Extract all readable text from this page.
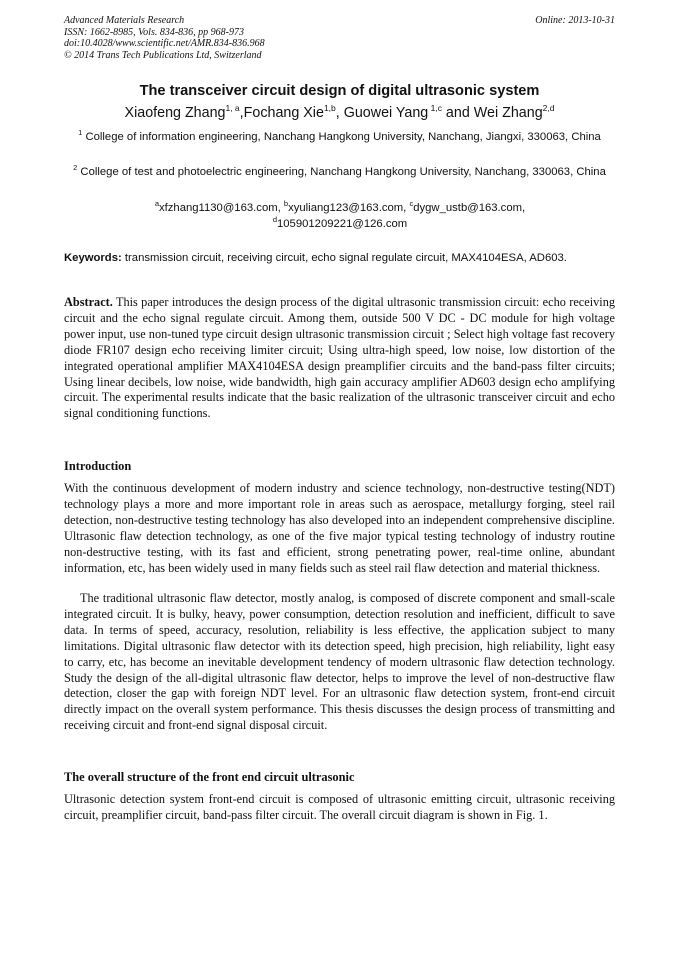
Advanced Materials Research
ISSN: 1662-8985, Vols. 834-836, pp 968-973
doi:10.4028/www.scientific.net/AMR.834-836.968
© 2014 Trans Tech Publications Ltd, Switzerland
Online: 2013-10-31
The transceiver circuit design of digital ultrasonic system
Xiaofeng Zhang$^{1, a}$,Fochang Xie$^{1,b}$, Guowei Yang $^{1,c}$ and Wei Zhang$^{2,d}$
$^1$ College of information engineering, Nanchang Hangkong University, Nanchang, Jiangxi, 330063, China
$^2$ College of test and photoelectric engineering, Nanchang Hangkong University, Nanchang, 330063, China
$^a$xfzhang1130@163.com, $^b$xyuliang123@163.com, $^c$dygw_ustb@163.com,
$^d$105901209221@126.com
Keywords: transmission circuit, receiving circuit, echo signal regulate circuit, MAX4104ESA, AD603.
Abstract. This paper introduces the design process of the digital ultrasonic transmission circuit: echo receiving circuit and the echo signal regulate circuit. Among them, outside 500 V DC - DC module for high voltage power input, use non-tuned type circuit design ultrasonic transmission circuit ; Select high voltage fast recovery diode FR107 design echo receiving limiter circuit; Using ultra-high speed, low noise, low distortion of the integrated operational amplifier MAX4104ESA design preamplifier circuits and the band-pass filter circuits; Using linear decibels, low noise, wide bandwidth, high gain accuracy amplifier AD603 design echo amplifying circuit. The experimental results indicate that the basic realization of the ultrasonic transceiver circuit and echo signal conditioning functions.
Introduction
With the continuous development of modern industry and science technology, non-destructive testing(NDT) technology plays a more and more important role in areas such as aerospace, metallurgy forging, steel rail detection, non-destructive testing technology has also developed into an independent comprehensive discipline. Ultrasonic flaw detection technology, as one of the five major typical testing technology of industry routine non-destructive testing, with its fast and efficient, strong penetrating power, real-time online, abundant information, etc, has been widely used in many fields such as steel rail flaw detection and material thickness.
The traditional ultrasonic flaw detector, mostly analog, is composed of discrete component and small-scale integrated circuit. It is bulky, heavy, power consumption, detection resolution and inefficient, difficult to save data. In terms of speed, accuracy, resolution, reliability is less effective, the application subject to many limitations. Digital ultrasonic flaw detector with its detection speed, high precision, high reliability, light easy to carry, etc, has become an inevitable development tendency of modern ultrasonic flaw detection technology. Study the design of the all-digital ultrasonic flaw detector, helps to improve the level of non-destructive flaw detection, closer the gap with foreign NDT level. For an ultrasonic flaw detection system, front-end circuit directly impact on the overall system performance. This thesis discusses the design process of transmitting and receiving circuit and front-end signal disposal circuit.
The overall structure of the front end circuit ultrasonic
Ultrasonic detection system front-end circuit is composed of ultrasonic emitting circuit, ultrasonic receiving circuit, preamplifier circuit, band-pass filter circuit. The overall circuit diagram is shown in Fig. 1.
